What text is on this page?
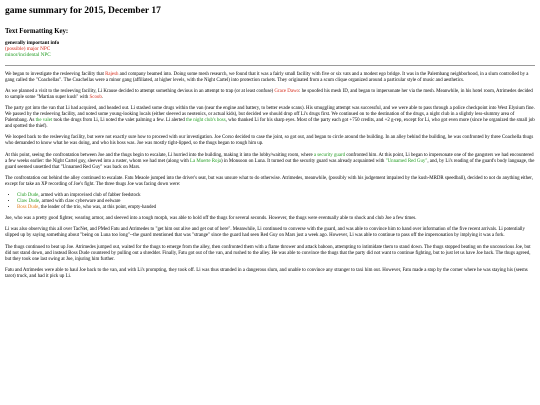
game summary for 2015, December 17
Text Formatting Key:
generally important info
(possible) major NPC
minor/incidental NPC

We began to investigate the resleeving facility that Rajesh and company beamed into. Doing some mesh research, we found that it was a fairly small facility with five or six vats and a modest ego bridge. It was in the Palembang neighborhood, in a slum controlled by a gang called the "Coachellas". The Coachellas were a minor gang (affiliated, at higher levels, with the Night Cartel) into protection rackets. They originated from a scum clique organized around a particular style of music and aesthetics.

As we planned a visit to the resleeving facility, Li Krause decided to attempt something devious in an attempt to trap (or at least confuse) Grace Dawo: he spoofed his mesh ID, and began to impersonate her via the mesh. Meanwhile, in his hotel room, Atrimedes decided to sample some "Martian super kush" with Scoob.

The party got into the van that Li had acquired, and headed out. Li stashed some drugs within the van (near the engine and battery, to better evade scans). His smuggling attempt was successful, and we were able to pass through a police checkpoint into West Elysium fine. We passed by the resleeving facility, and noted some young-looking locals (either sleeved as neotenics, or actual kids), but decided we should drop off Li's drugs first. We continued on to the destination of the drugs, a night club in a slightly less-slummy area of Palembang. As the valet took the drugs from Li, Li noted the valet palming a few. Li alerted the night club's boss, who thanked Li for his sharp eyes. Most of the party each got +750 credits, and +2 g-rep, except for Li, who got even more (since he organized the small job and spotted the thief).

We looped back to the resleeving facility, but were not exactly sure how to proceed with our investigation. Joe Corso decided to case the joint, so got out, and began to circle around the building. In an alley behind the building, he was confronted by three Coachella thugs who demanded to know what he was doing, and who his boss was. Joe was mostly tight-lipped, so the thugs began to rough him up.

At this point, seeing the confrontation between Joe and the thugs begin to escalate, Li hurried into the building, making it into the lobby/waiting room, where a security guard confronted him. At this point, Li began to impersonate one of the gangsters we had encountered a few weeks earlier: the Night Cartel guy, sleeved into a ruster, whom we had met (along with La Muerte Roja) in Monsoon on Luna. It turned out the security guard was already acquainted with "Unnamed Red Guy", and, by Li's reading of the guard's body language, the guard seemed unsettled that "Unnamed Red Guy" was back on Mars.

The confrontation out behind the alley continued to escalate. Fatu Meaole jumped into the driver's seat, but was unsure what to do otherwise. Atrimedes, meanwhile, (possibly with his judgement impaired by the kush-MRDR speedball), decided to not do anything either, except for take an XP recording of Joe's fight. The three thugs Joe was facing down were:

• Club Dude, armed with an improvised club of fabber feedstock
• Claw Dude, armed with claw cyberware and eelware
• Boss Dude, the leader of the trio, who was, at this point, empty-handed

Joe, who was a pretty good fighter, wearing armor, and sleeved into a tough morph, was able to hold off the thugs for several seconds. However, the thugs were eventually able to shock and club Joe a few times.

Li was also observing this all over TacNet, and PMed Fatu and Atrimedes to "get him out alive and get out of here". Meanwhile, Li continued to converse with the guard, and was able to convince him to hand over information of the five recent arrivals. Li potentially slipped up by saying something about "being on Luna too long"--the guard mentioned that was "strange" since the guard had seen Red Guy on Mars just a week ago. However, Li was able to continue to pass off the impersonation by implying it was a fork.

The thugs continued to beat up Joe. Atrimedes jumped out, waited for the thugs to emerge from the alley, then confronted them with a flame thrower and attack baboon, attempting to intimidate them to stand down. The thugs stopped beating on the unconscious Joe, but did not stand down, and instead Boss Dude countered by pulling out a shredder. Finally, Fatu got out of the van, and rushed to the alley. He was able to convince the thugs that the party did not want to continue fighting, but to just let us have Joe back. The thugs agreed, but they took one last swing at Joe, injuring him further.

Fatu and Atrimedes were able to haul Joe back to the van, and with Li's prompting, they took off. Li was thus stranded in a dangerous slum, and unable to convince any stranger to taxi him out. However, Fatu made a stop by the corner where he was staying his (seems tarot) truck, and had it pick up Li.
